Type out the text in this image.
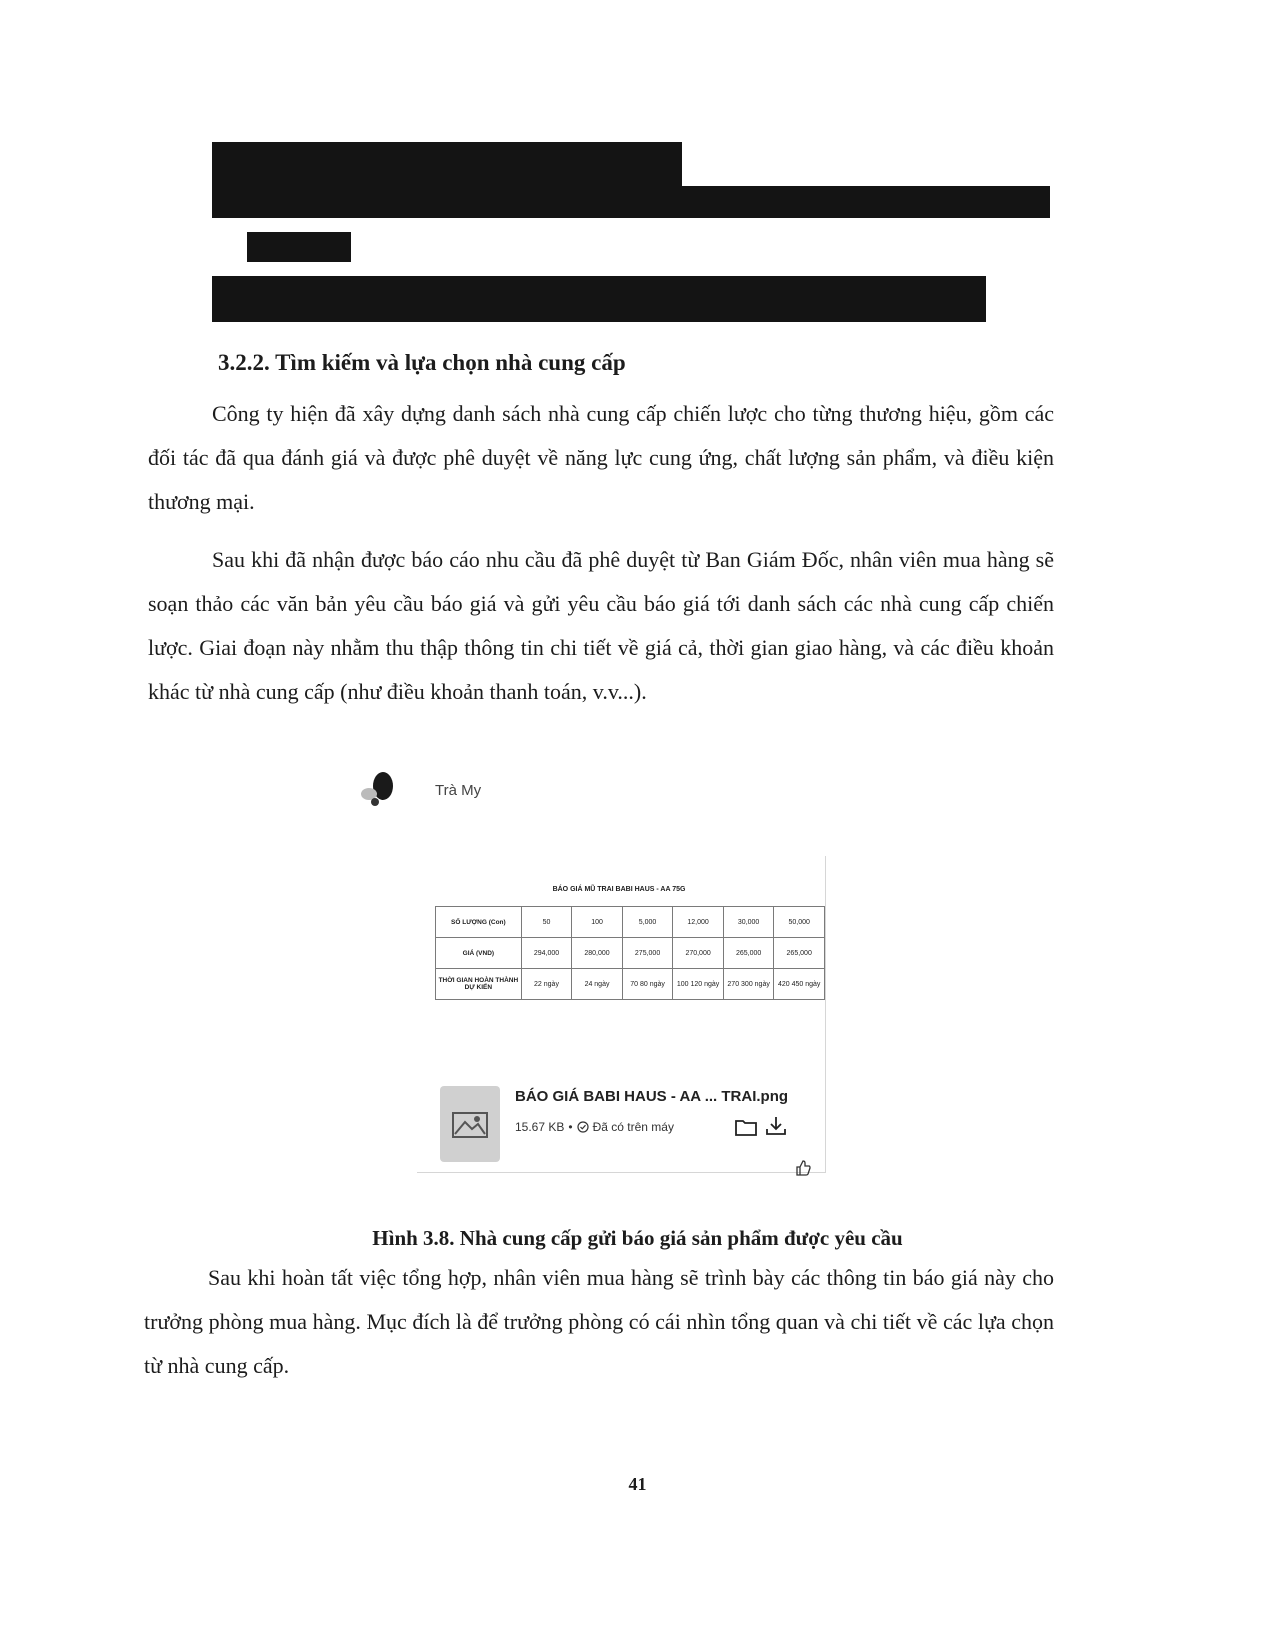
3.2.2. Tìm kiếm và lựa chọn nhà cung cấp

Công ty hiện đã xây dựng danh sách nhà cung cấp chiến lược cho từng thương hiệu, gồm các đối tác đã qua đánh giá và được phê duyệt về năng lực cung ứng, chất lượng sản phẩm, và điều kiện thương mại.

Sau khi đã nhận được báo cáo nhu cầu đã phê duyệt từ Ban Giám Đốc, nhân viên mua hàng sẽ soạn thảo các văn bản yêu cầu báo giá và gửi yêu cầu báo giá tới danh sách các nhà cung cấp chiến lược. Giai đoạn này nhằm thu thập thông tin chi tiết về giá cả, thời gian giao hàng, và các điều khoản khác từ nhà cung cấp (như điều khoản thanh toán, v.v...).

Trà My
BÁO GIÁ MŨ TRAI BABI HAUS - AA 75G
SỐ LƯỢNG (Con)	50	100	5,000	12,000	30,000	50,000
GIÁ (VND)	294,000	280,000	275,000	270,000	265,000	265,000
THỜI GIAN HOÀN THÀNH DỰ KIẾN	22 ngày	24 ngày	70 80 ngày	100 120 ngày	270 300 ngày	420 450 ngày
BÁO GIÁ BABI HAUS - AA ... TRAI.png
15.67 KB • Đã có trên máy
Hình 3.8. Nhà cung cấp gửi báo giá sản phẩm được yêu cầu

Sau khi hoàn tất việc tổng hợp, nhân viên mua hàng sẽ trình bày các thông tin báo giá này cho trưởng phòng mua hàng. Mục đích là để trưởng phòng có cái nhìn tổng quan và chi tiết về các lựa chọn từ nhà cung cấp.

41
